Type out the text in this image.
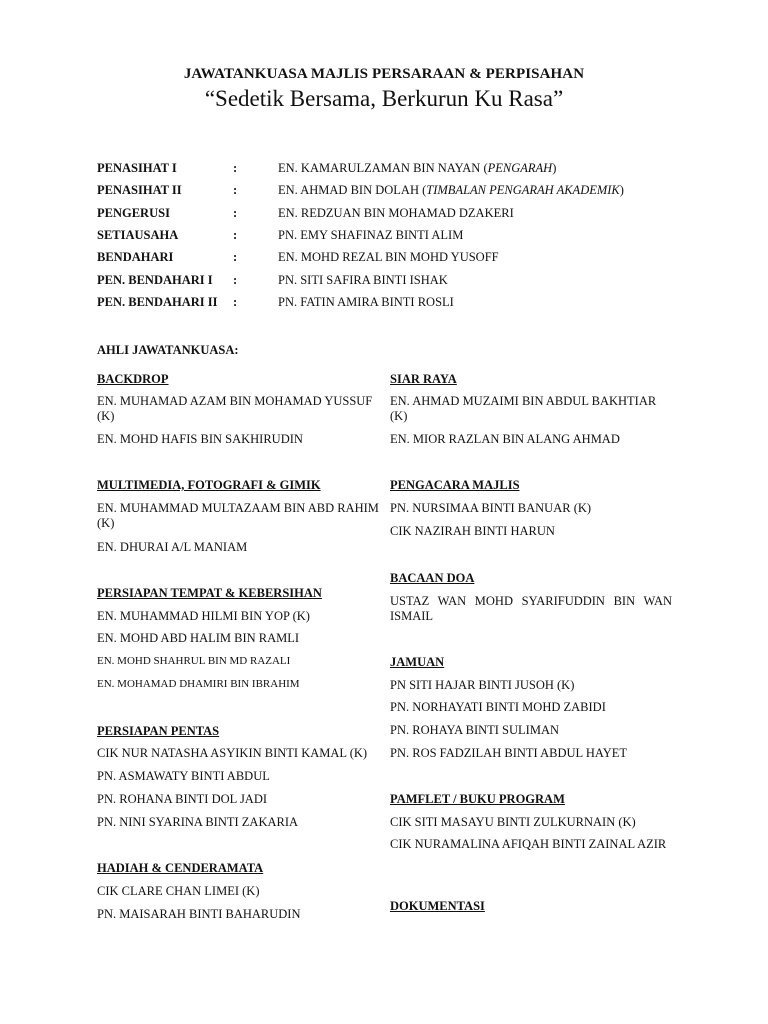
JAWATANKUASA MAJLIS PERSARAAN & PERPISAHAN
“Sedetik Bersama, Berkurun Ku Rasa”
PENASIHAT I	:	EN. KAMARULZAMAN BIN NAYAN (PENGARAH)
PENASIHAT II	:	EN. AHMAD BIN DOLAH (TIMBALAN PENGARAH AKADEMIK)
PENGERUSI	:	EN. REDZUAN BIN MOHAMAD DZAKERI
SETIAUSAHA	:	PN. EMY SHAFINAZ BINTI ALIM
BENDAHARI	:	EN. MOHD REZAL BIN MOHD YUSOFF
PEN. BENDAHARI I :	PN. SITI SAFIRA BINTI ISHAK
PEN. BENDAHARI II :	PN. FATIN AMIRA BINTI ROSLI
AHLI JAWATANKUASA:
BACKDROP
EN. MUHAMAD AZAM BIN MOHAMAD YUSSUF (K)
EN. MOHD HAFIS BIN SAKHIRUDIN
MULTIMEDIA, FOTOGRAFI & GIMIK
EN. MUHAMMAD MULTAZAAM BIN ABD RAHIM (K)
EN. DHURAI A/L MANIAM
PERSIAPAN TEMPAT & KEBERSIHAN
EN. MUHAMMAD HILMI BIN YOP (K)
EN. MOHD ABD HALIM BIN RAMLI
EN. MOHD SHAHRUL BIN MD RAZALI
EN. MOHAMAD DHAMIRI BIN IBRAHIM
PERSIAPAN PENTAS
CIK NUR NATASHA ASYIKIN BINTI KAMAL (K)
PN. ASMAWATY BINTI ABDUL
PN. ROHANA BINTI DOL JADI
PN. NINI SYARINA BINTI ZAKARIA
HADIAH & CENDERAMATA
CIK CLARE CHAN LIMEI (K)
PN. MAISARAH BINTI BAHARUDIN
SIAR RAYA
EN. AHMAD MUZAIMI BIN ABDUL BAKHTIAR (K)
EN. MIOR RAZLAN BIN ALANG AHMAD
PENGACARA MAJLIS
PN. NURSIMAA BINTI BANUAR (K)
CIK NAZIRAH BINTI HARUN
BACAAN DOA
USTAZ WAN MOHD SYARIFUDDIN BIN WAN ISMAIL
JAMUAN
PN SITI HAJAR BINTI JUSOH (K)
PN. NORHAYATI BINTI MOHD ZABIDI
PN. ROHAYA BINTI SULIMAN
PN. ROS FADZILAH BINTI ABDUL HAYET
PAMFLET / BUKU PROGRAM
CIK SITI MASAYU BINTI ZULKURNAIN (K)
CIK NURAMALINA AFIQAH BINTI ZAINAL AZIR
DOKUMENTASI
